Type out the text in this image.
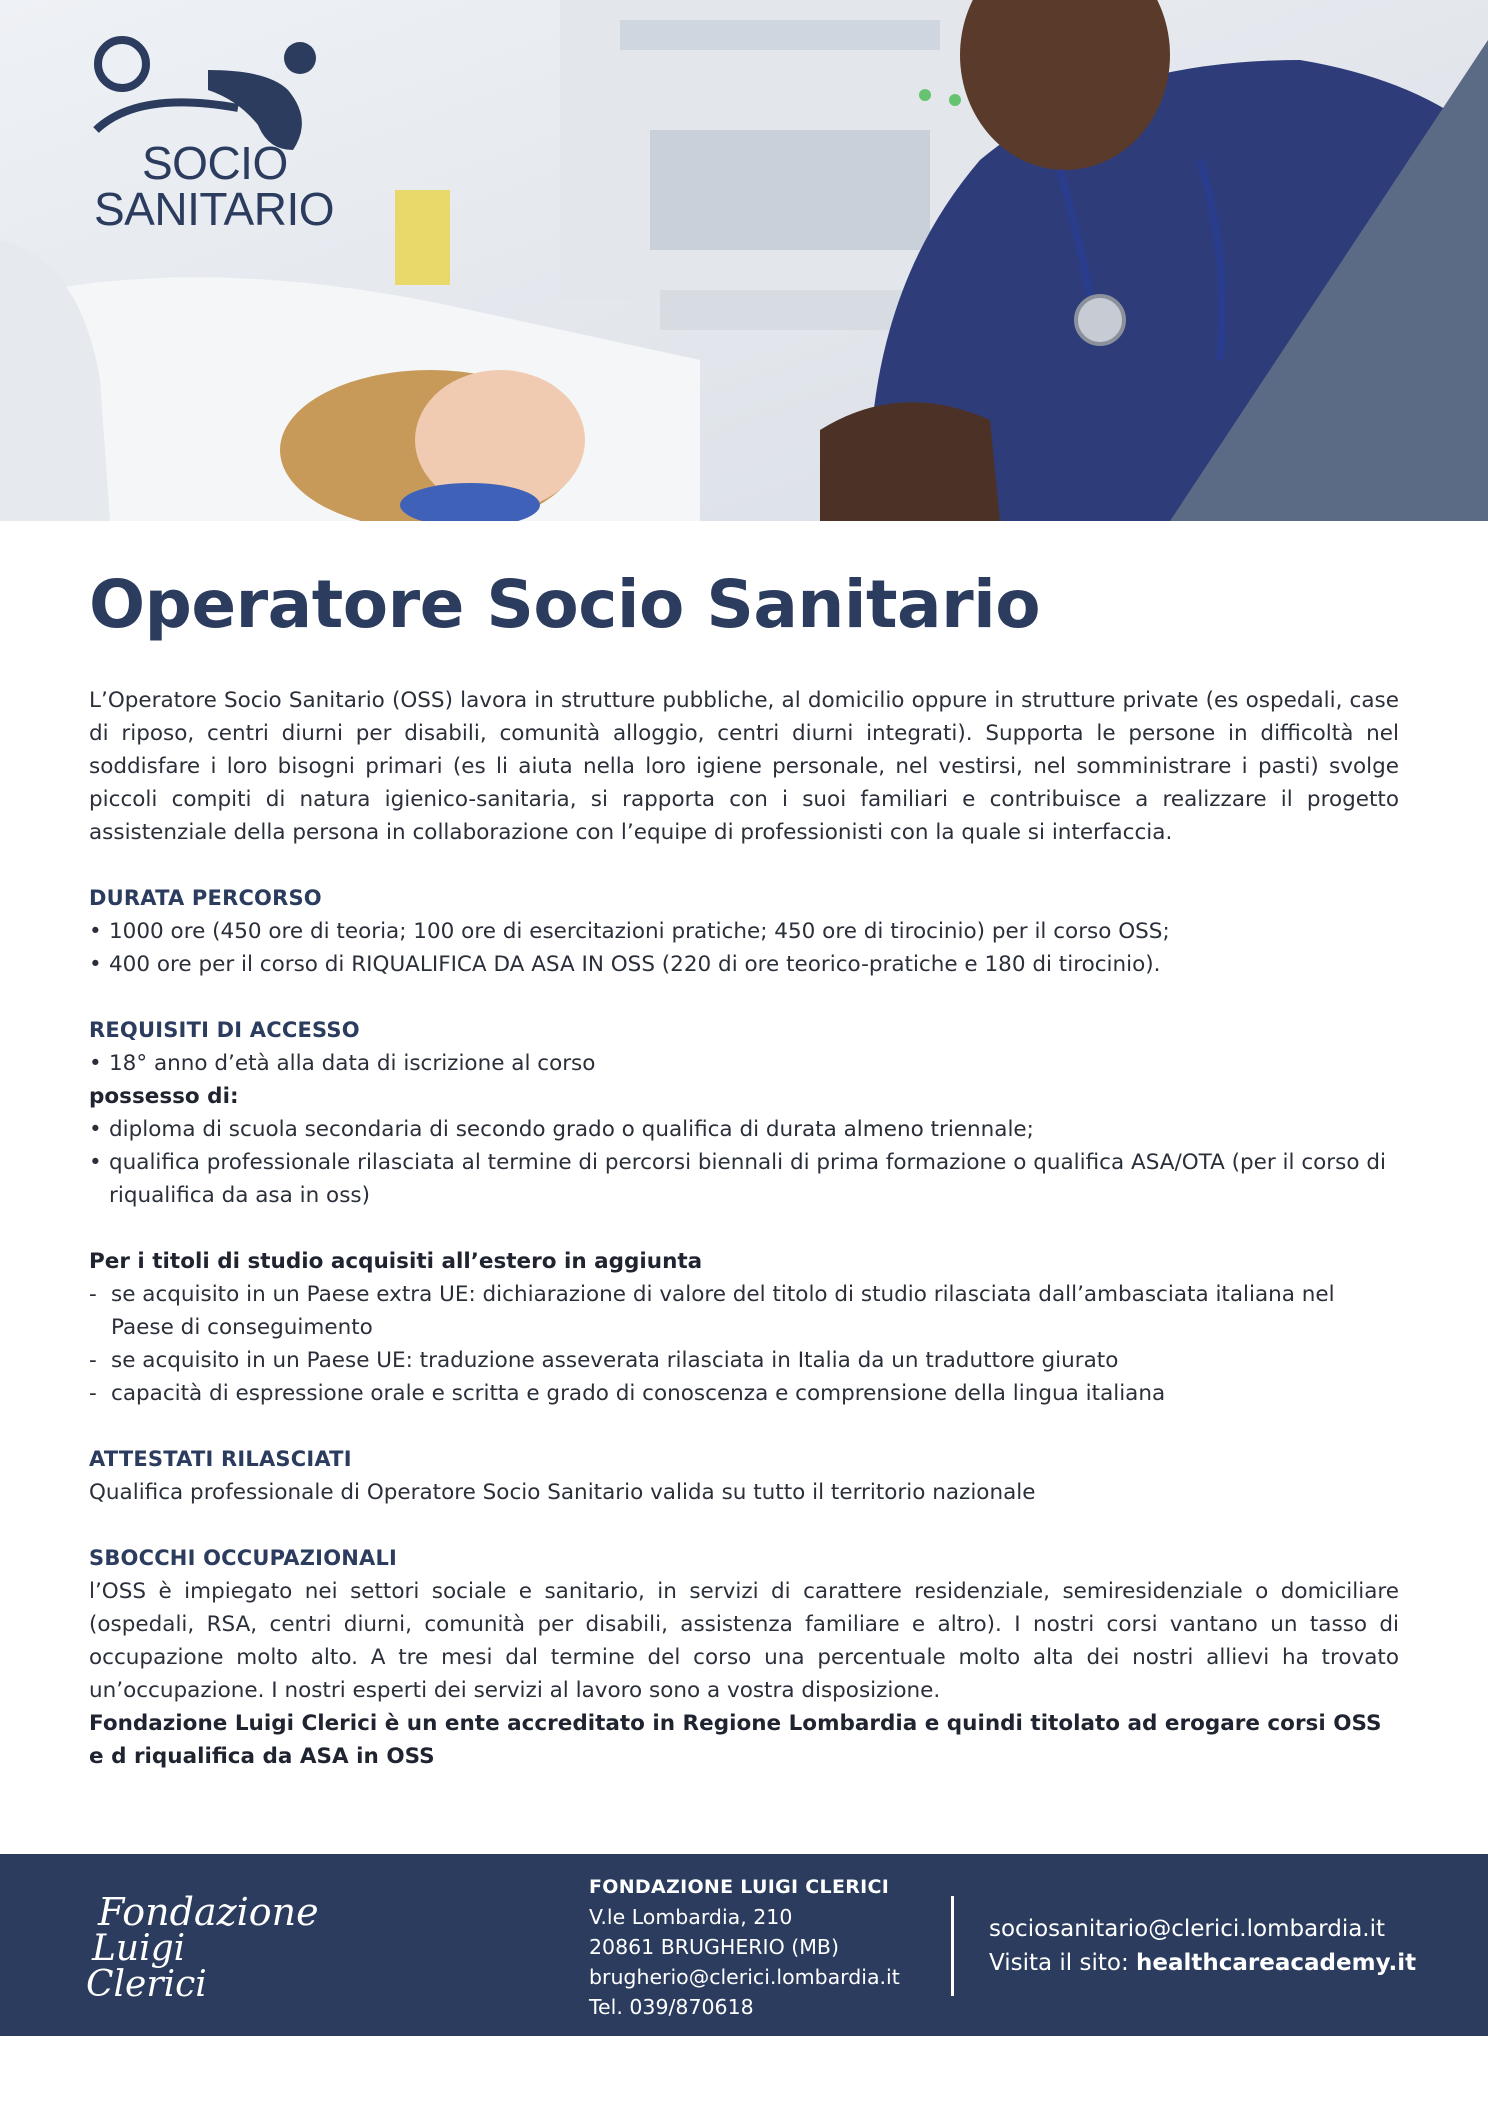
SOCIO
SANITARIO
Operatore Socio Sanitario

L’Operatore Socio Sanitario (OSS) lavora in strutture pubbliche, al domicilio oppure in strutture private (es ospedali, case di riposo, centri diurni per disabili, comunità alloggio, centri diurni integrati). Supporta le persone in difficoltà nel soddisfare i loro bisogni primari (es li aiuta nella loro igiene personale, nel vestirsi, nel somministrare i pasti) svolge piccoli compiti di natura igienico-sanitaria, si rapporta con i suoi familiari e contribuisce a realizzare il progetto assistenziale della persona in collaborazione con l’equipe di professionisti con la quale si interfaccia.

DURATA PERCORSO
• 1000 ore (450 ore di teoria; 100 ore di esercitazioni pratiche; 450 ore di tirocinio) per il corso OSS;
• 400 ore per il corso di RIQUALIFICA DA ASA IN OSS (220 di ore teorico-pratiche e 180 di tirocinio).
REQUISITI DI ACCESSO
• 18° anno d’età alla data di iscrizione al corso
possesso di:
• diploma di scuola secondaria di secondo grado o qualifica di durata almeno triennale;
• qualifica professionale rilasciata al termine di percorsi biennali di prima formazione o qualifica ASA/OTA (per il corso di riqualifica da asa in oss)
Per i titoli di studio acquisiti all’estero in aggiunta
- se acquisito in un Paese extra UE: dichiarazione di valore del titolo di studio rilasciata dall’ambasciata italiana nel Paese di conseguimento
- se acquisito in un Paese UE: traduzione asseverata rilasciata in Italia da un traduttore giurato
- capacità di espressione orale e scritta e grado di conoscenza e comprensione della lingua italiana
ATTESTATI RILASCIATI

Qualifica professionale di Operatore Socio Sanitario valida su tutto il territorio nazionale

SBOCCHI OCCUPAZIONALI

l’OSS è impiegato nei settori sociale e sanitario, in servizi di carattere residenziale, semiresidenziale o domiciliare (ospedali, RSA, centri diurni, comunità per disabili, assistenza familiare e altro). I nostri corsi vantano un tasso di occupazione molto alto. A tre mesi dal termine del corso una percentuale molto alta dei nostri allievi ha trovato un’occupazione. I nostri esperti dei servizi al lavoro sono a vostra disposizione.

Fondazione Luigi Clerici è un ente accreditato in Regione Lombardia e quindi titolato ad erogare corsi OSS e d riqualifica da ASA in OSS

Fondazione
Luigi
Clerici
FONDAZIONE LUIGI CLERICI
V.le Lombardia, 210
20861 BRUGHERIO (MB)
brugherio@clerici.lombardia.it
Tel. 039/870618
sociosanitario@clerici.lombardia.it
Visita il sito: healthcareacademy.it
